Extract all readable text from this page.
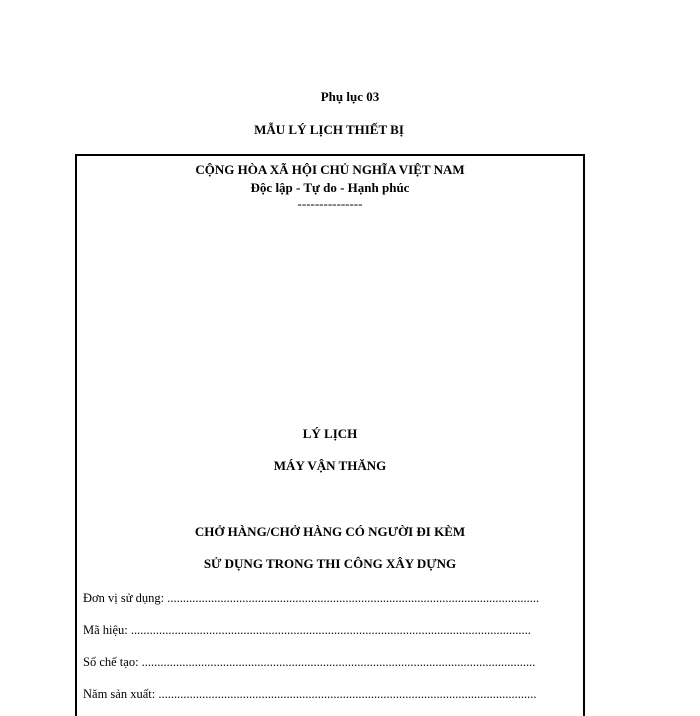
Phụ lục 03
MẪU LÝ LỊCH THIẾT BỊ
CỘNG HÒA XÃ HỘI CHỦ NGHĨA VIỆT NAM
Độc lập - Tự do - Hạnh phúc
---------------
LÝ LỊCH
MÁY VẬN THĂNG
CHỞ HÀNG/CHỞ HÀNG CÓ NGƯỜI ĐI KÈM
SỬ DỤNG TRONG THI CÔNG XÂY DỰNG
Đơn vị sử dụng: .......................................................................................................................
Mã hiệu: ................................................................................................................................
Số chế tạo: ..............................................................................................................................
Năm sản xuất: .........................................................................................................................
